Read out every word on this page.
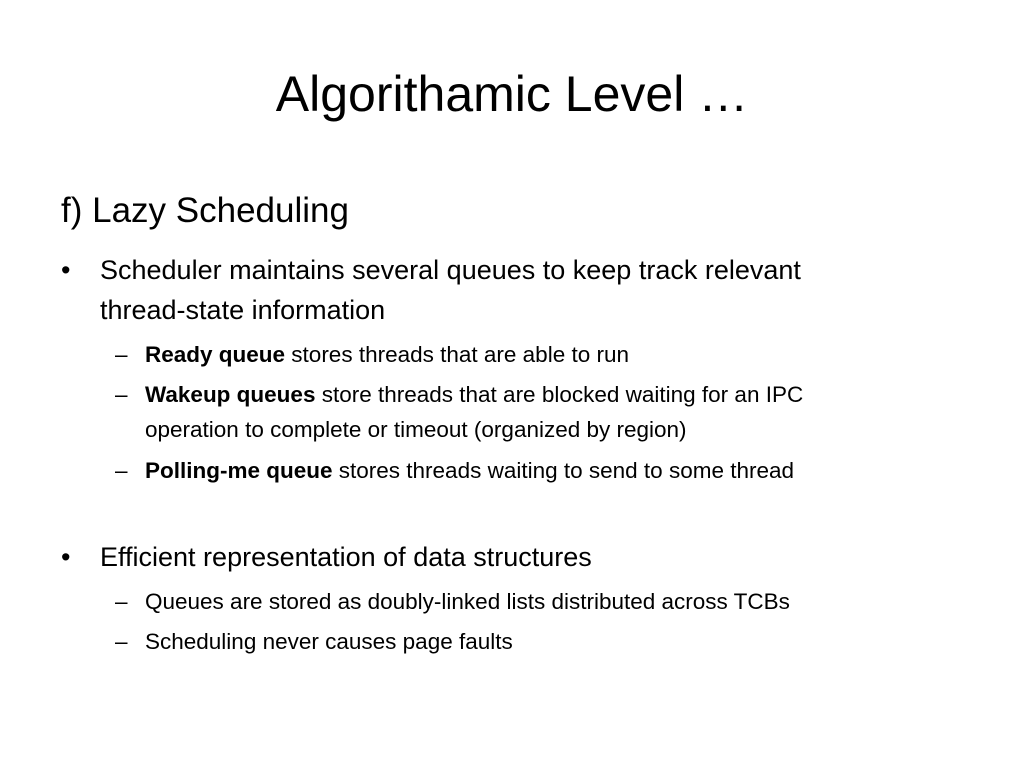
Algorithamic Level …

f) Lazy Scheduling

•	Scheduler maintains several queues to keep track relevant
thread-state information
– Ready queue stores threads that are able to run
– Wakeup queues store threads that are blocked waiting for an IPC
operation to complete or timeout (organized by region)
– Polling-me queue stores threads waiting to send to some thread
•	Efficient representation of data structures
– Queues are stored as doubly-linked lists distributed across TCBs
– Scheduling never causes page faults
